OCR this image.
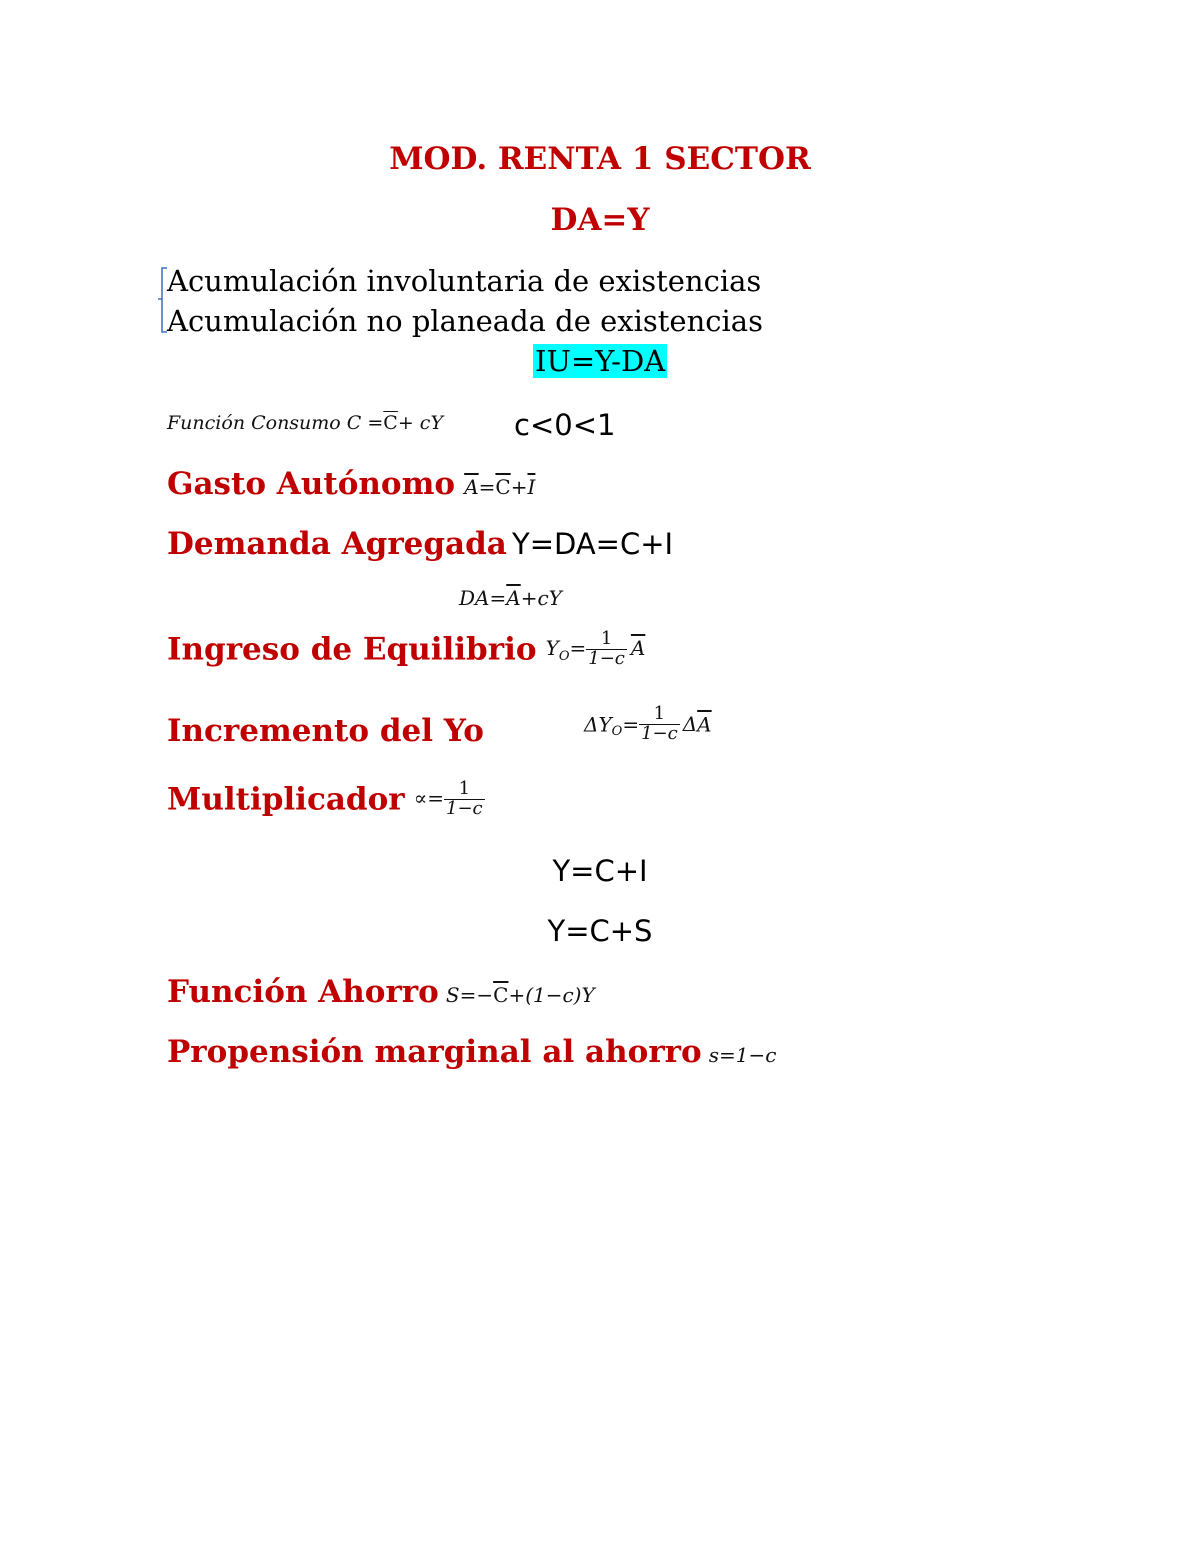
MOD. RENTA 1 SECTOR
DA=Y
Acumulación involuntaria de existencias
Acumulación no planeada de existencias
IU=Y-DA
Función Consumo $C =\overline{C}+$ cY c<0<1
Gasto Autónomo $\overline{A}=\overline{C}+\overline{I}$
Demanda Agregada Y=DA=C+I
$DA=\overline{A}+cY$
Ingreso de Equilibrio $Y_O= \frac{1}{1-c} \overline{A}$
Incremento del Yo	$\Delta Y_O= \frac{1}{1-c} \Delta\overline{A}$
Multiplicador ∝= $\frac{1}{1-c}$
Y=C+I
Y=C+S
Función Ahorro $S=-\overline{C}+(1-c)Y$
Propensión marginal al ahorro s=1−c
